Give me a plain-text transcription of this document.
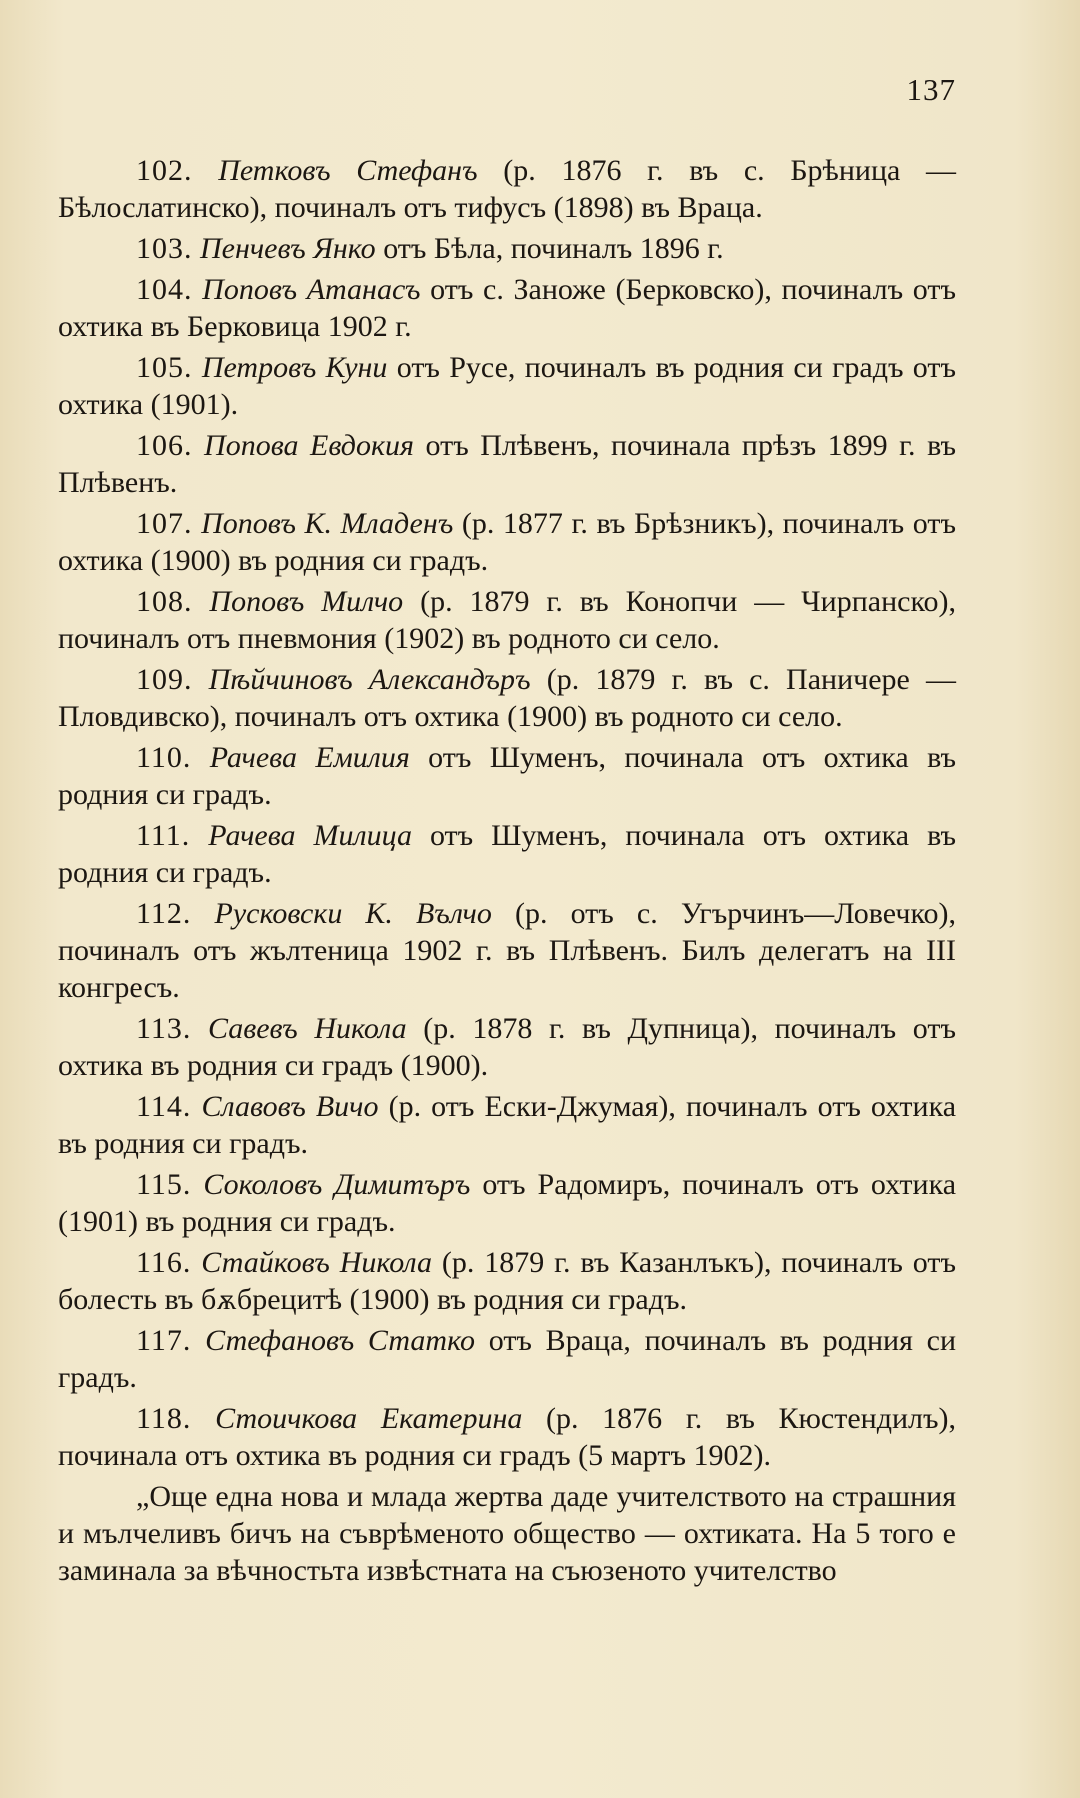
137

102. Петковъ Стефанъ (р. 1876 г. въ с. Брѣница — Бѣлослатинско), починалъ отъ тифусъ (1898) въ Враца.

103. Пенчевъ Янко отъ Бѣла, починалъ 1896 г.

104. Поповъ Атанасъ отъ с. Заноже (Берковско), починалъ отъ охтика въ Берковица 1902 г.

105. Петровъ Куни отъ Русе, починалъ въ родния си градъ отъ охтика (1901).

106. Попова Евдокия отъ Плѣвенъ, починала прѣзъ 1899 г. въ Плѣвенъ.

107. Поповъ К. Младенъ (р. 1877 г. въ Брѣзникъ), починалъ отъ охтика (1900) въ родния си градъ.

108. Поповъ Милчо (р. 1879 г. въ Конопчи — Чирпанско), починалъ отъ пневмония (1902) въ родното си село.

109. Пѣйчиновъ Александъръ (р. 1879 г. въ с. Паничере — Пловдивско), починалъ отъ охтика (1900) въ родното си село.

110. Рачева Емилия отъ Шуменъ, починала отъ охтика въ родния си градъ.

111. Рачева Милица отъ Шуменъ, починала отъ охтика въ родния си градъ.

112. Русковски К. Вълчо (р. отъ с. Угърчинъ—Ловечко), починалъ отъ жълтеница 1902 г. въ Плѣвенъ. Билъ делегатъ на III конгресъ.

113. Савевъ Никола (р. 1878 г. въ Дупница), починалъ отъ охтика въ родния си градъ (1900).

114. Славовъ Вичо (р. отъ Ески-Джумая), починалъ отъ охтика въ родния си градъ.

115. Соколовъ Димитъръ отъ Радомиръ, починалъ отъ охтика (1901) въ родния си градъ.

116. Стайковъ Никола (р. 1879 г. въ Казанлъкъ), починалъ отъ болесть въ бѫбрецитѣ (1900) въ родния си градъ.

117. Стефановъ Статко отъ Враца, починалъ въ родния си градъ.

118. Стоичкова Екатерина (р. 1876 г. въ Кюстендилъ), починала отъ охтика въ родния си градъ (5 мартъ 1902).

„Още една нова и млада жертва даде учителството на страшния и мълчеливъ бичъ на съврѣменото общество — охтиката. На 5 того е заминала за вѣчностьта извѣстната на съюзеното учителство
